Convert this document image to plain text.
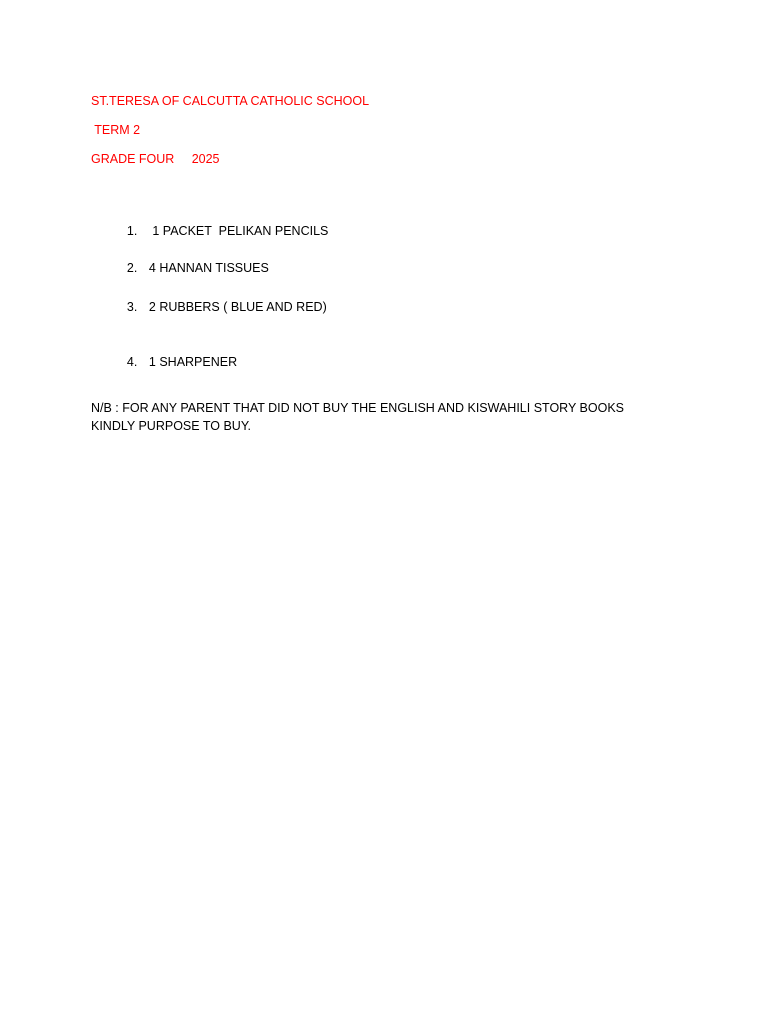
ST.TERESA OF CALCUTTA CATHOLIC SCHOOL
TERM 2
GRADE FOUR     2025

1. 1 PACKET  PELIKAN PENCILS

2. 4 HANNAN TISSUES

3. 2 RUBBERS ( BLUE AND RED)

4. 1 SHARPENER

N/B : FOR ANY PARENT THAT DID NOT BUY THE ENGLISH AND KISWAHILI STORY BOOKS KINDLY PURPOSE TO BUY.
